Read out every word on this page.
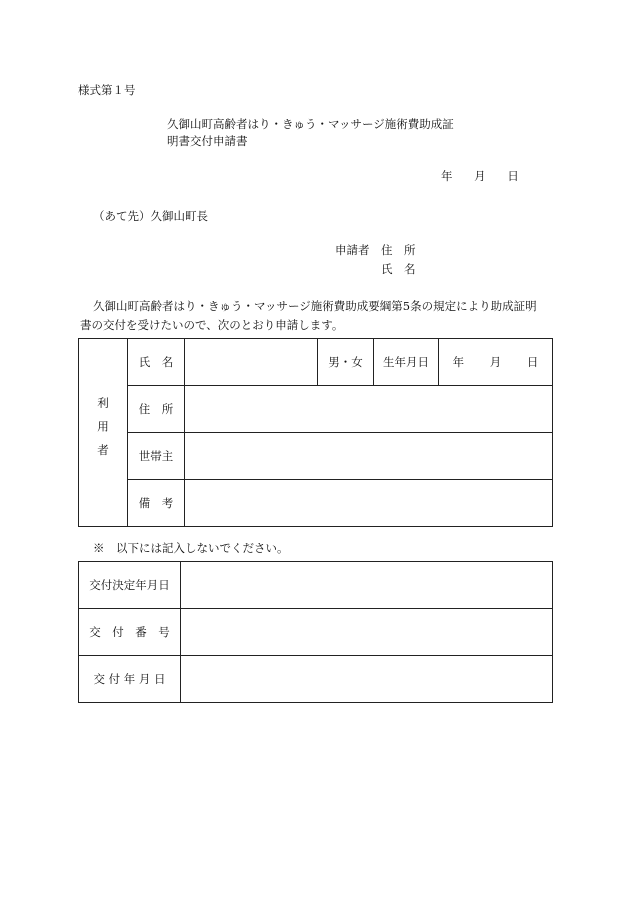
様式第１号
久御山町高齢者はり・きゅう・マッサージ施術費助成証
明書交付申請書
年 月 日
（あて先）久御山町長
申請者 住　所
氏　名
久御山町高齢者はり・きゅう・マッサージ施術費助成要綱第5条の規定により助成証明
書の交付を受けたいので、次のとおり申請します。
利用者	氏　名		男・女	生年月日	年 月 日
	住　所				
	世帯主				
	備　考				
※　以下には記入しないでください。
交付決定年月日	
交　付　番　号	
交 付 年 月 日	
